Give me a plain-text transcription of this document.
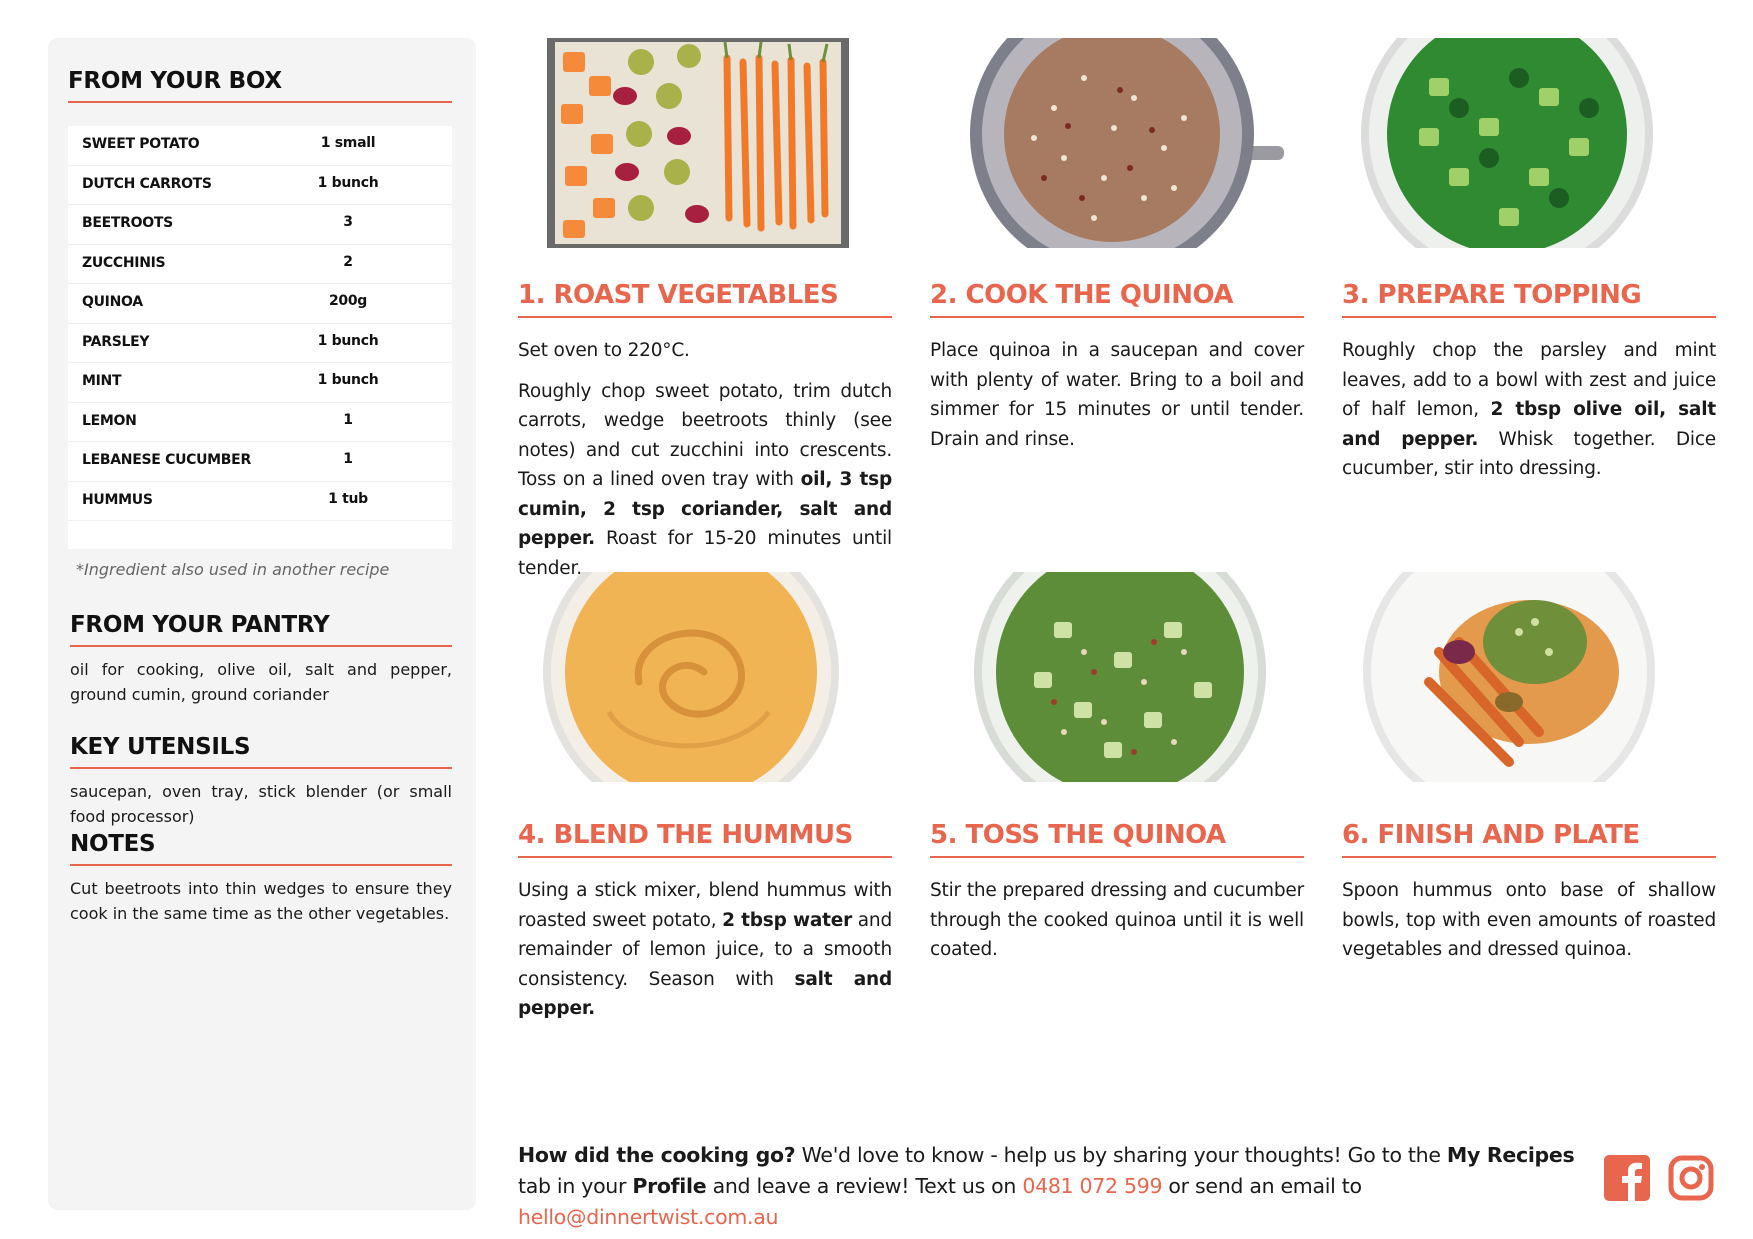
FROM YOUR BOX
SWEET POTATO	1 small
DUTCH CARROTS	1 bunch
BEETROOTS	3
ZUCCHINIS	2
QUINOA	200g
PARSLEY	1 bunch
MINT	1 bunch
LEMON	1
LEBANESE CUCUMBER	1
HUMMUS	1 tub
*Ingredient also used in another recipe
FROM YOUR PANTRY

oil for cooking, olive oil, salt and pepper, ground cumin, ground coriander

KEY UTENSILS

saucepan, oven tray, stick blender (or small food processor)

NOTES

Cut beetroots into thin wedges to ensure they cook in the same time as the other vegetables.

1. ROAST VEGETABLES	2. COOK THE QUINOA	3. PREPARE TOPPING
4. BLEND THE HUMMUS	5. TOSS THE QUINOA	6. FINISH AND PLATE

Set oven to 220°C.

Roughly chop sweet potato, trim dutch carrots, wedge beetroots thinly (see notes) and cut zucchini into crescents. Toss on a lined oven tray with oil, 3 tsp cumin, 2 tsp coriander, salt and pepper. Roast for 15-20 minutes until tender.

Place quinoa in a saucepan and cover with plenty of water. Bring to a boil and simmer for 15 minutes or until tender. Drain and rinse.

Roughly chop the parsley and mint leaves, add to a bowl with zest and juice of half lemon, 2 tbsp olive oil, salt and pepper. Whisk together. Dice cucumber, stir into dressing.

Using a stick mixer, blend hummus with roasted sweet potato, 2 tbsp water and remainder of lemon juice, to a smooth consistency. Season with salt and pepper.

Stir the prepared dressing and cucumber through the cooked quinoa until it is well coated.

Spoon hummus onto base of shallow bowls, top with even amounts of roasted vegetables and dressed quinoa.

How did the cooking go? We'd love to know - help us by sharing your thoughts! Go to the My Recipes tab in your Profile and leave a review! Text us on 0481 072 599 or send an email to hello@dinnertwist.com.au
